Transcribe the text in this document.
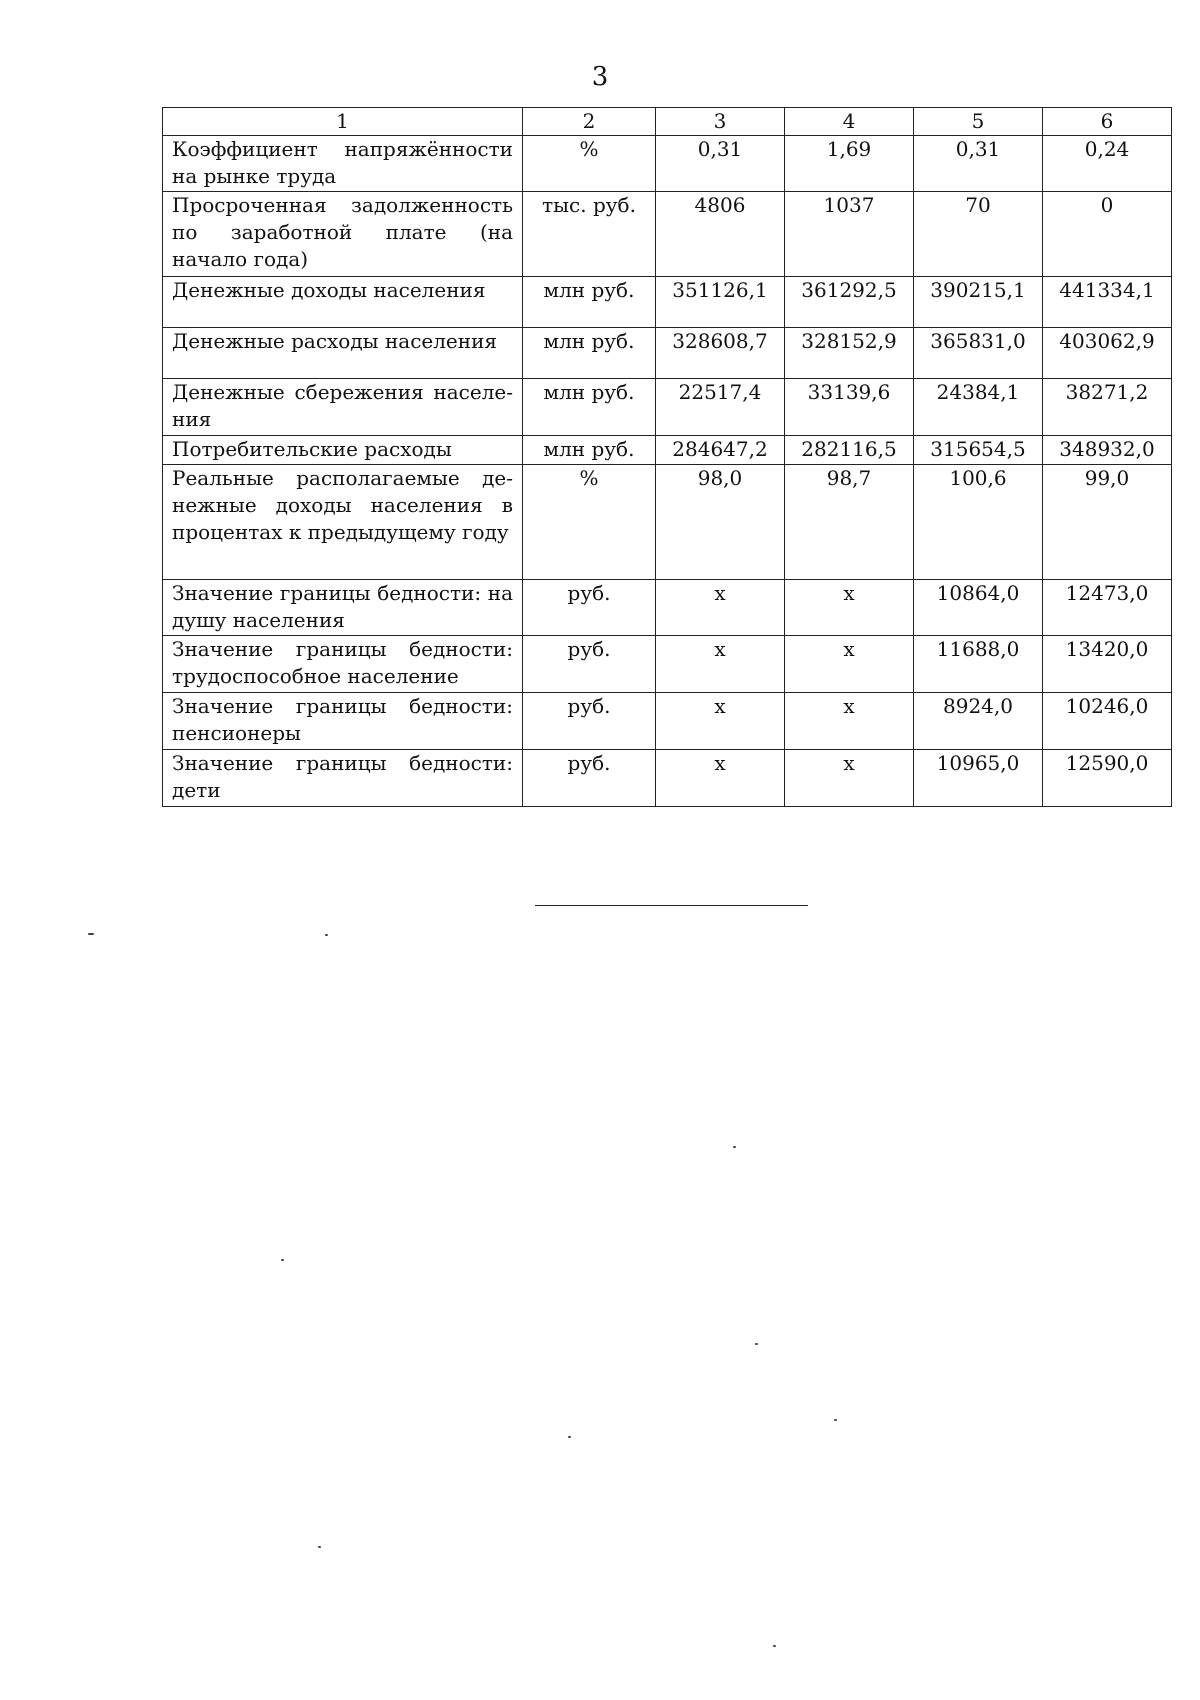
3
1	2	3	4	5	6
Коэффициент напряжённости на рынке труда	%	0,31	1,69	0,31	0,24
Просроченная задолженность по заработной плате (на начало года)	тыс. руб.	4806	1037	70	0
Денежные доходы населения	млн руб.	351126,1	361292,5	390215,1	441334,1
Денежные расходы населения	млн руб.	328608,7	328152,9	365831,0	403062,9
Денежные сбережения населе-ния	млн руб.	22517,4	33139,6	24384,1	38271,2
Потребительские расходы	млн руб.	284647,2	282116,5	315654,5	348932,0
Реальные располагаемые де-нежные доходы населения в процентах к предыдущему году	%	98,0	98,7	100,6	99,0
Значение границы бедности: на душу населения	руб.	х	х	10864,0	12473,0
Значение границы бедности: трудоспособное население	руб.	х	х	11688,0	13420,0
Значение границы бедности: пенсионеры	руб.	х	х	8924,0	10246,0
Значение границы бедности: дети	руб.	х	х	10965,0	12590,0
